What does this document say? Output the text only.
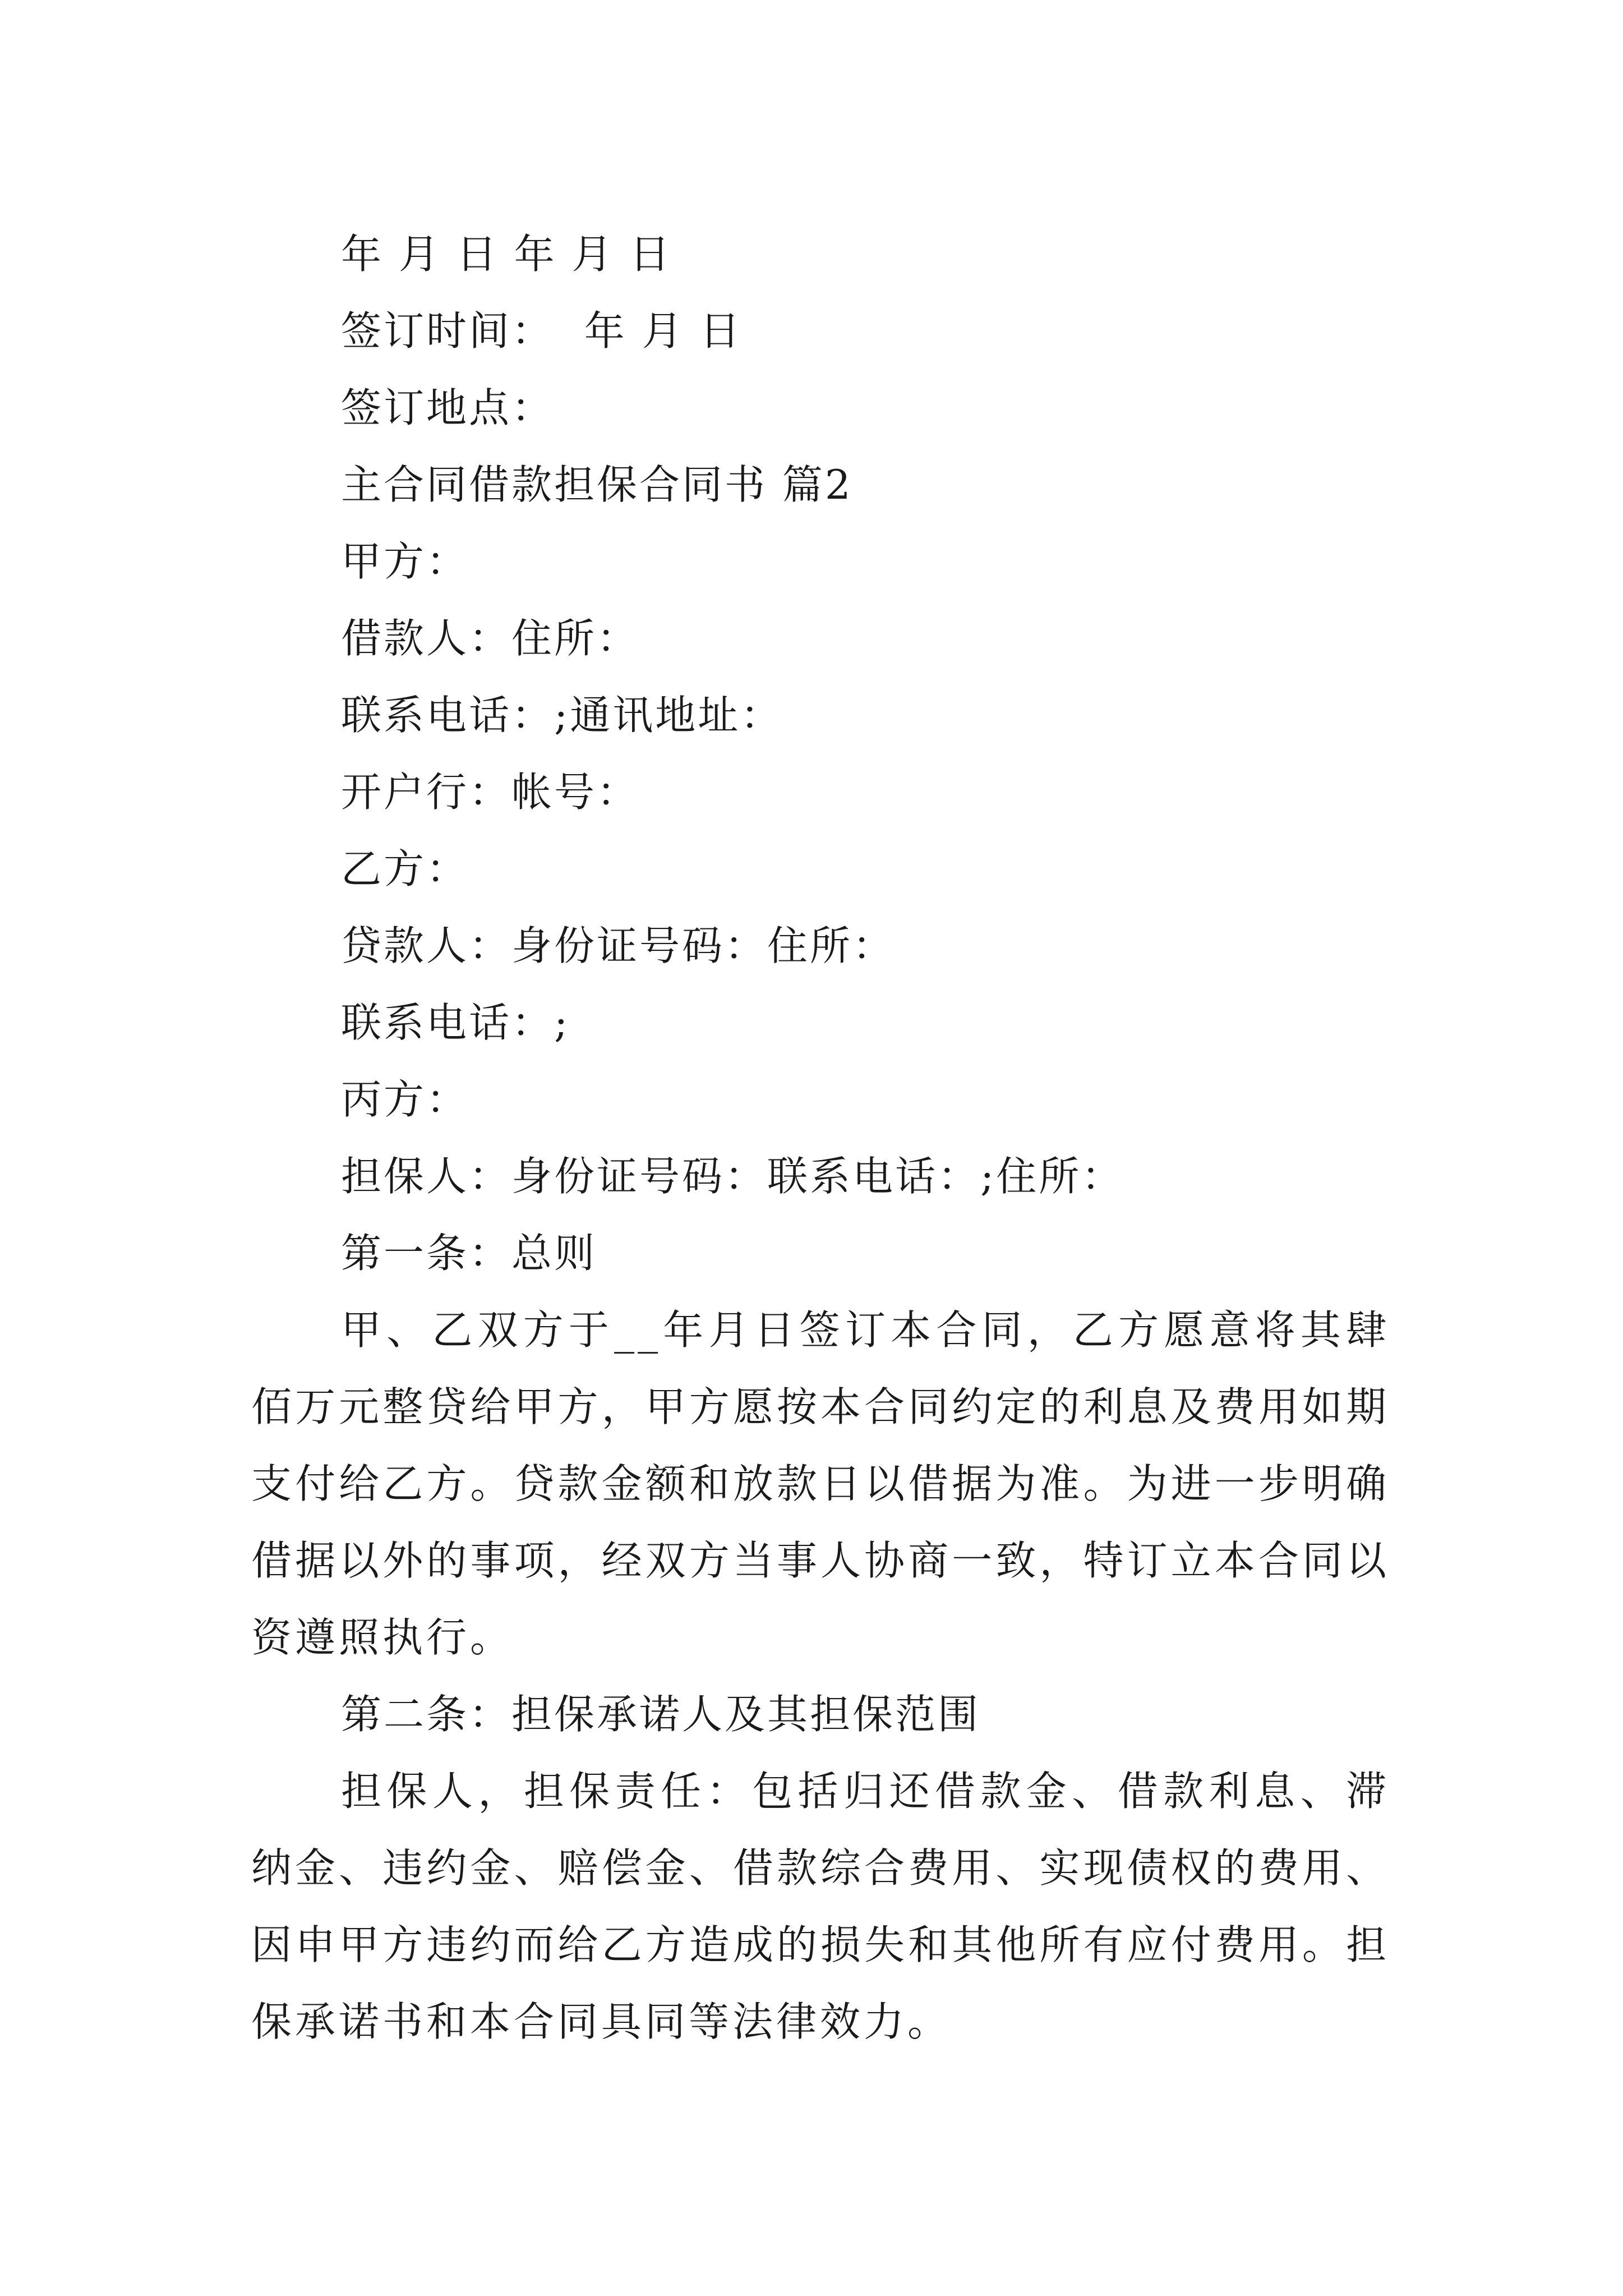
年 月 日 年 月 日

签订时间：  年 月 日

签订地点：

主合同借款担保合同书 篇2

甲方：

借款人：住所：

联系电话：;通讯地址：

开户行：帐号：

乙方：

贷款人：身份证号码：住所：

联系电话：;

丙方：

担保人：身份证号码：联系电话：;住所：

第一条：总则

甲、乙双方于__年月日签订本合同，乙方愿意将其肆佰万元整贷给甲方，甲方愿按本合同约定的利息及费用如期支付给乙方。贷款金额和放款日以借据为准。为进一步明确借据以外的事项，经双方当事人协商一致，特订立本合同以资遵照执行。

第二条：担保承诺人及其担保范围

担保人，担保责任：包括归还借款金、借款利息、滞纳金、违约金、赔偿金、借款综合费用、实现债权的费用、因申甲方违约而给乙方造成的损失和其他所有应付费用。担保承诺书和本合同具同等法律效力。
